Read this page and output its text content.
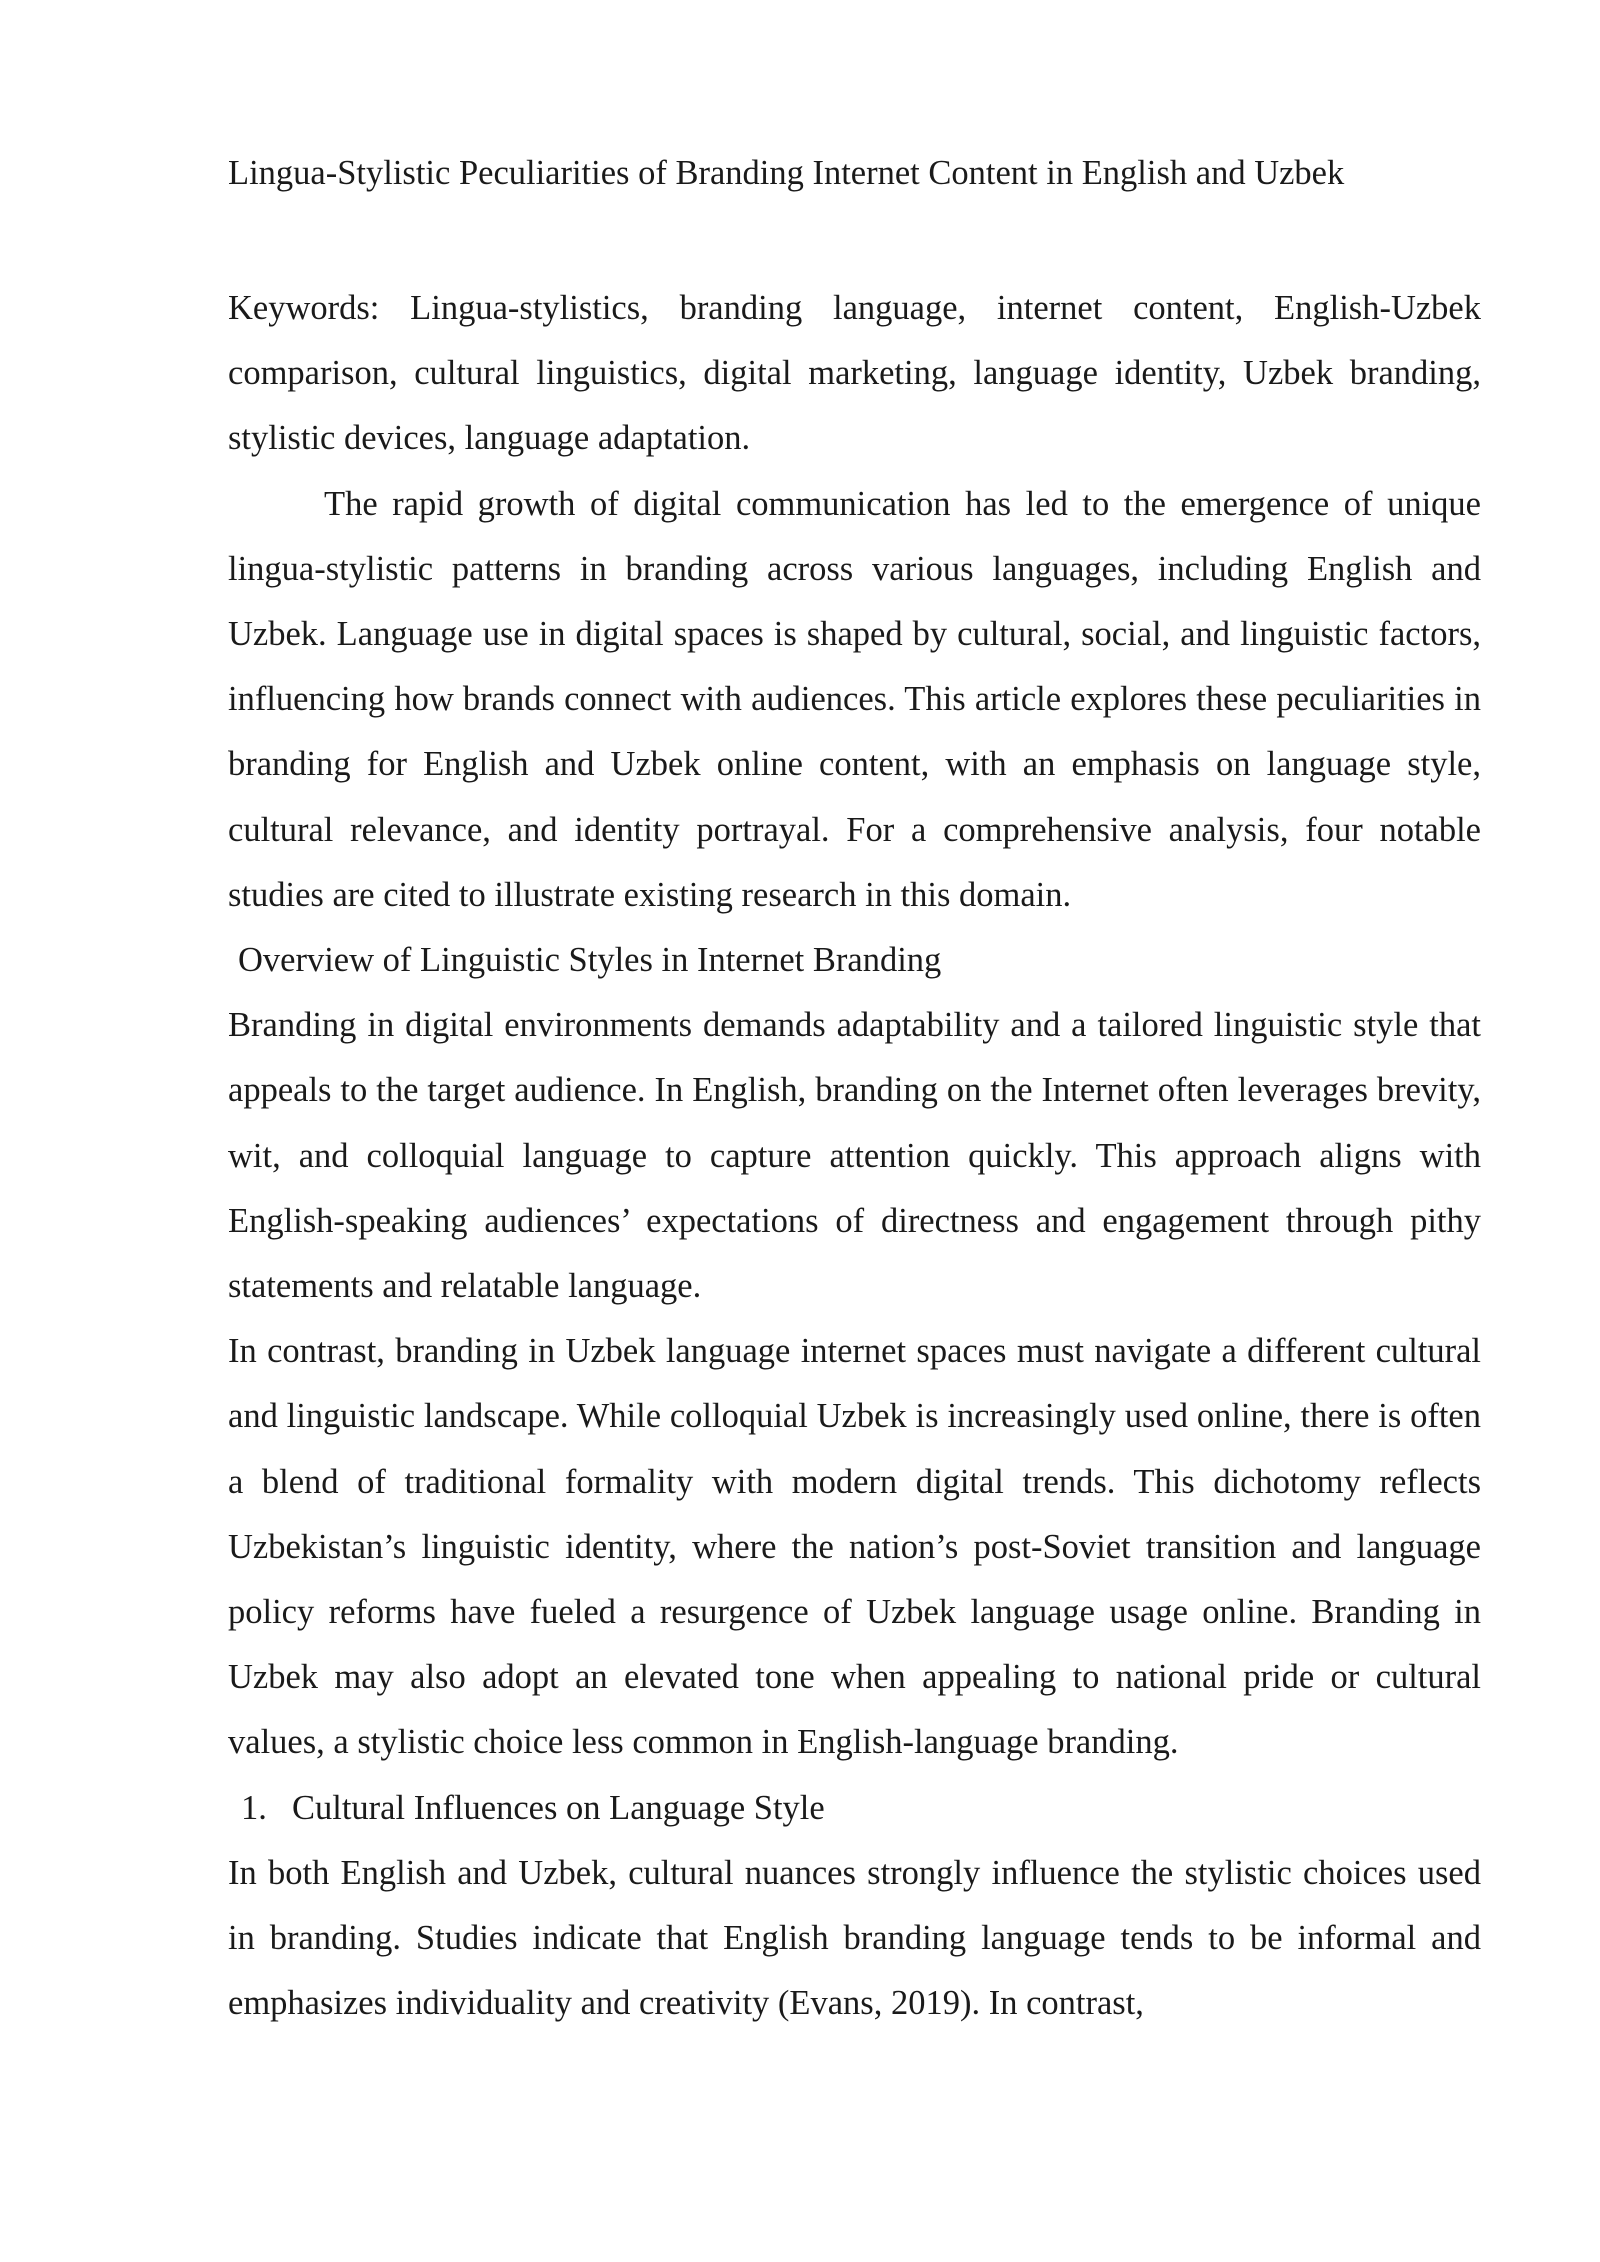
Lingua-Stylistic Peculiarities of Branding Internet Content in English and Uzbek

Keywords: Lingua-stylistics, branding language, internet content, English-Uzbek comparison, cultural linguistics, digital marketing, language identity, Uzbek branding, stylistic devices, language adaptation.

The rapid growth of digital communication has led to the emergence of unique lingua-stylistic patterns in branding across various languages, including English and Uzbek. Language use in digital spaces is shaped by cultural, social, and linguistic factors, influencing how brands connect with audiences. This article explores these peculiarities in branding for English and Uzbek online content, with an emphasis on language style, cultural relevance, and identity portrayal. For a comprehensive analysis, four notable studies are cited to illustrate existing research in this domain.

Overview of Linguistic Styles in Internet Branding

Branding in digital environments demands adaptability and a tailored linguistic style that appeals to the target audience. In English, branding on the Internet often leverages brevity, wit, and colloquial language to capture attention quickly. This approach aligns with English-speaking audiences’ expectations of directness and engagement through pithy statements and relatable language.

In contrast, branding in Uzbek language internet spaces must navigate a different cultural and linguistic landscape. While colloquial Uzbek is increasingly used online, there is often a blend of traditional formality with modern digital trends. This dichotomy reflects Uzbekistan’s linguistic identity, where the nation’s post-Soviet transition and language policy reforms have fueled a resurgence of Uzbek language usage online. Branding in Uzbek may also adopt an elevated tone when appealing to national pride or cultural values, a stylistic choice less common in English-language branding.

1. Cultural Influences on Language Style

In both English and Uzbek, cultural nuances strongly influence the stylistic choices used in branding. Studies indicate that English branding language tends to be informal and emphasizes individuality and creativity (Evans, 2019). In contrast,
